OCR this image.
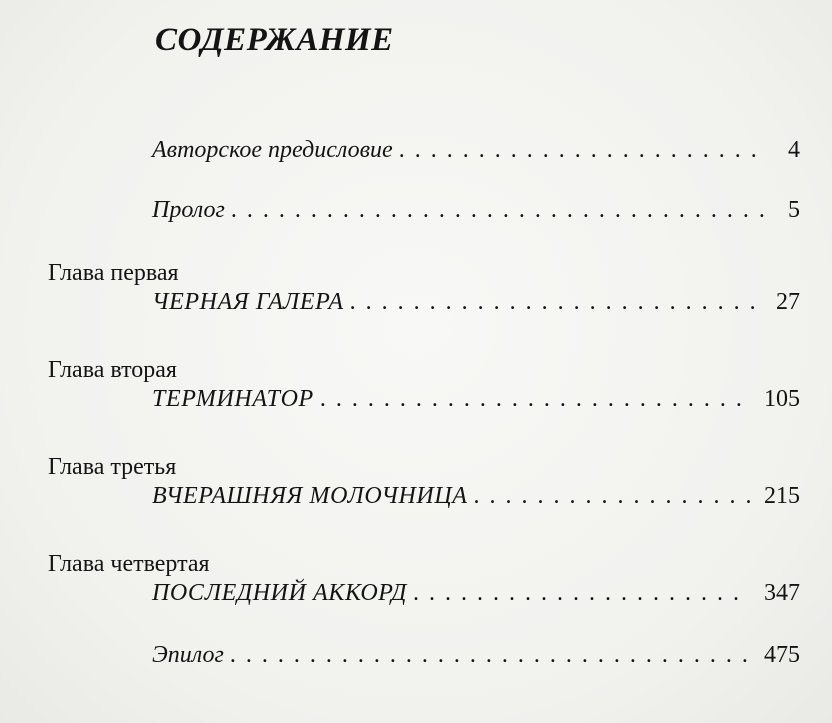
СОДЕРЖАНИЕ
Авторское предисловие . . .	4
Пролог . . .	5
Глава первая
ЧЕРНАЯ ГАЛЕРА . . .	27
Глава вторая
ТЕРМИНАТОР . . .	105
Глава третья
ВЧЕРАШНЯЯ МОЛОЧНИЦА . . .	215
Глава четвертая
ПОСЛЕДНИЙ АККОРД . . .	347
Эпилог . . .	475
